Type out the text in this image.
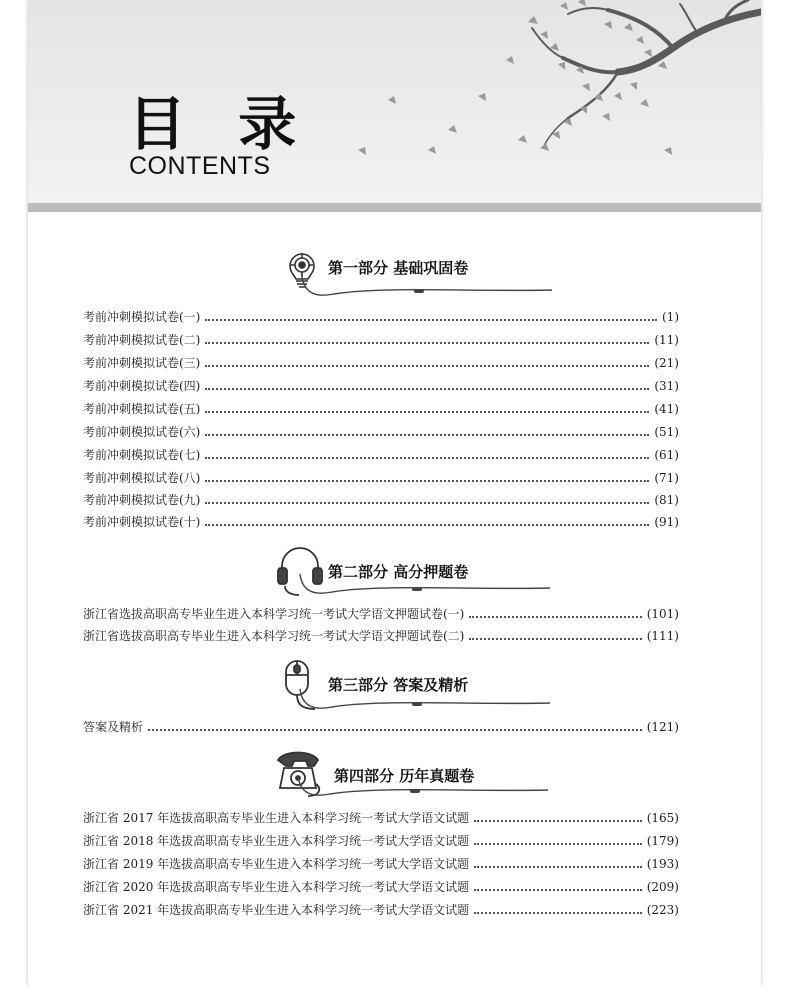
目 录
CONTENTS
第一部分 基础巩固卷
考前冲刺模拟试卷(一)	(1)
考前冲刺模拟试卷(二)	(11)
考前冲刺模拟试卷(三)	(21)
考前冲刺模拟试卷(四)	(31)
考前冲刺模拟试卷(五)	(41)
考前冲刺模拟试卷(六)	(51)
考前冲刺模拟试卷(七)	(61)
考前冲刺模拟试卷(八)	(71)
考前冲刺模拟试卷(九)	(81)
考前冲刺模拟试卷(十)	(91)
第二部分 高分押题卷
浙江省选拔高职高专毕业生进入本科学习统一考试大学语文押题试卷(一)	(101)
浙江省选拔高职高专毕业生进入本科学习统一考试大学语文押题试卷(二)	(111)
第三部分 答案及精析
答案及精析	(121)
第四部分 历年真题卷
浙江省 2017 年选拔高职高专毕业生进入本科学习统一考试大学语文试题	(165)
浙江省 2018 年选拔高职高专毕业生进入本科学习统一考试大学语文试题	(179)
浙江省 2019 年选拔高职高专毕业生进入本科学习统一考试大学语文试题	(193)
浙江省 2020 年选拔高职高专毕业生进入本科学习统一考试大学语文试题	(209)
浙江省 2021 年选拔高职高专毕业生进入本科学习统一考试大学语文试题	(223)
